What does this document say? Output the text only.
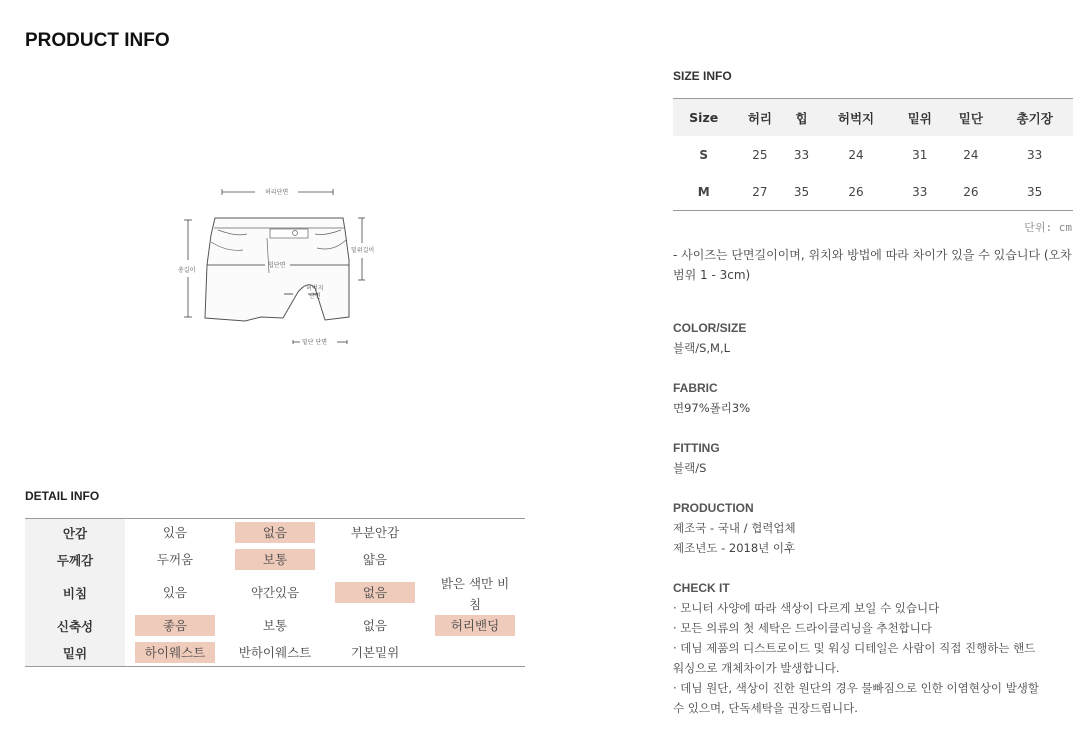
PRODUCT INFO
허리단면
총길이
밑위길이
힙단면
허벅지
단면
밑단 단면
DETAIL INFO
안감	있음	없음	부분안감	
두께감	두꺼움	보통	얇음	
비침	있음	약간있음	없음	밝은 색만 비침
신축성	좋음	보통	없음	허리밴딩
밑위	하이웨스트	반하이웨스트	기본밑위	
SIZE INFO
Size	허리	힙	허벅지	밑위	밑단	총기장
S	25	33	24	31	24	33
M	27	35	26	33	26	35
단위: cm
- 사이즈는 단면길이이며, 위치와 방법에 따라 차이가 있을 수 있습니다 (오차범위 1 - 3cm)
COLOR/SIZE
블랙/S,M,L
FABRIC
면97%폴리3%
FITTING
블랙/S
PRODUCTION
제조국 - 국내 / 협력업체
제조년도 - 2018년 이후
CHECK IT
· 모니터 사양에 따라 색상이 다르게 보일 수 있습니다
· 모든 의류의 첫 세탁은 드라이클리닝을 추천합니다
· 데님 제품의 디스트로이드 및 워싱 디테일은 사람이 직접 진행하는 핸드
워싱으로 개체차이가 발생합니다.
· 데님 원단, 색상이 진한 원단의 경우 물빠짐으로 인한 이염현상이 발생할
수 있으며, 단독세탁을 권장드립니다.
